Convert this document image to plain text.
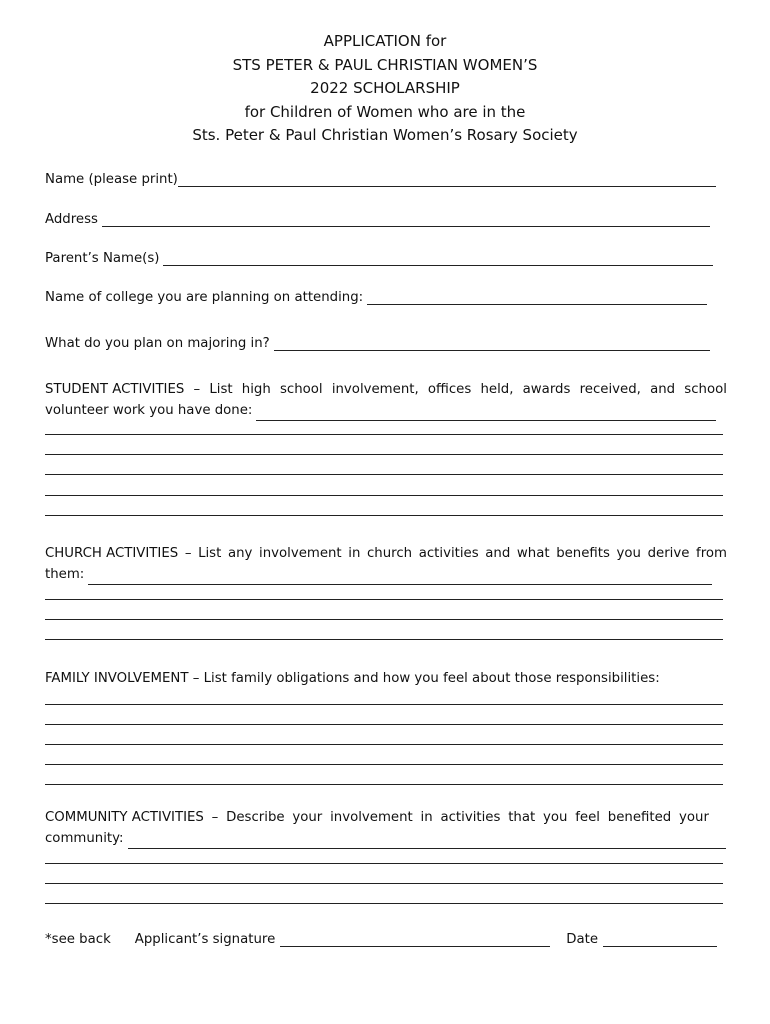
APPLICATION for
STS PETER & PAUL CHRISTIAN WOMEN’S
2022 SCHOLARSHIP
for Children of Women who are in the
Sts. Peter & Paul Christian Women’s Rosary Society
Name (please print)
Address
Parent’s Name(s)
Name of college you are planning on attending:
What do you plan on majoring in?
STUDENT ACTIVITIES – List high school involvement, offices held, awards received, and school
volunteer work you have done:
CHURCH ACTIVITIES – List any involvement in church activities and what benefits you derive from
them:
FAMILY INVOLVEMENT – List family obligations and how you feel about those responsibilities:
COMMUNITY ACTIVITIES – Describe your involvement in activities that you feel benefited your
community:
*see back Applicant’s signature	Date
